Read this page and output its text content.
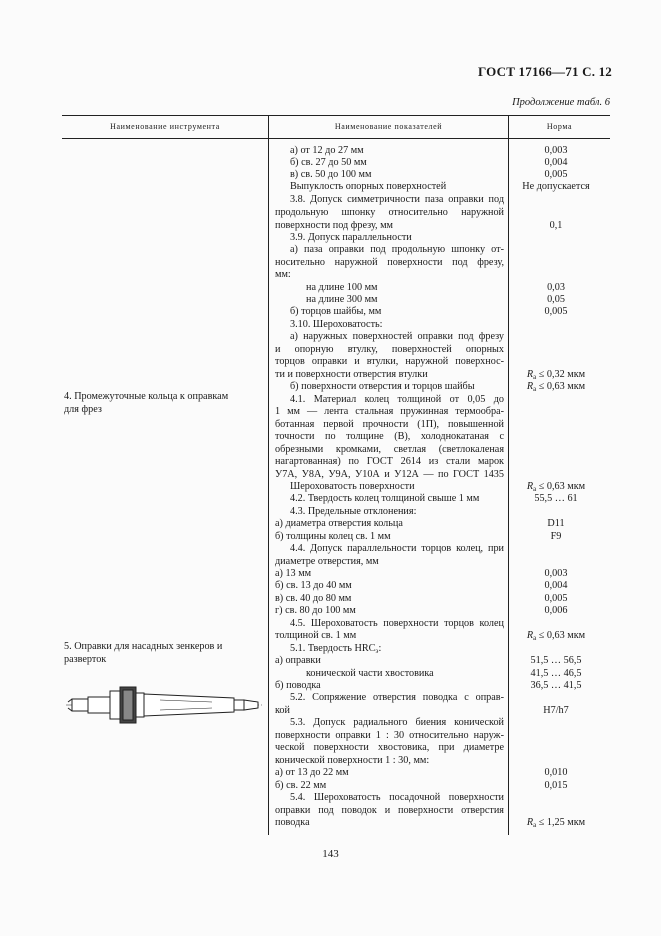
ГОСТ 17166—71 С. 12
Продолжение табл. 6
Наименование инструмента	Наименование показателей	Норма
4. Промежуточные кольца к оправкам
для фрез
5. Оправки для насадных зенкеров и
разверток
а) от 12 до 27 мм
б) св. 27 до 50 мм
в) св. 50 до 100 мм
Выпуклость опорных поверхностей
3.8. Допуск симметричности паза оправки под
продольную шпонку относительно наружной
поверхности под фрезу, мм
3.9. Допуск параллельности
а) паза оправки под продольную шпонку от-
носительно наружной поверхности под фрезу,
мм:
на длине 100 мм
на длине 300 мм
б) торцов шайбы, мм
3.10. Шероховатость:
а) наружных поверхностей оправки под фрезу
и опорную втулку, поверхностей опорных
торцов оправки и втулки, наружной поверхнос-
ти и поверхности отверстия втулки
б) поверхности отверстия и торцов шайбы
4.1. Материал колец толщиной от 0,05 до
1 мм — лента стальная пружинная термообра-
ботанная первой прочности (1П), повышенной
точности по толщине (В), холоднокатаная с
обрезными кромками, светлая (светлокаленая
нагартованная) по ГОСТ 2614 из стали марок
У7А, У8А, У9А, У10А и У12А — по ГОСТ 1435
Шероховатость поверхности
4.2. Твердость колец толщиной свыше 1 мм
4.3. Предельные отклонения:
а) диаметра отверстия кольца
б) толщины колец св. 1 мм
4.4. Допуск параллельности торцов колец, при
диаметре отверстия, мм
а) 13 мм
б) св. 13 до 40 мм
в) св. 40 до 80 мм
г) св. 80 до 100 мм
4.5. Шероховатость поверхности торцов колец
толщиной св. 1 мм
5.1. Твердость $HRC_э$:
а) оправки
конической части хвостовика
б) поводка
5.2. Сопряжение отверстия поводка с оправ-
кой
5.3. Допуск радиального биения конической
поверхности оправки 1 : 30 относительно наруж-
ческой поверхности хвостовика, при диаметре
конической поверхности 1 : 30, мм:
а) от 13 до 22 мм
б) св. 22 мм
5.4. Шероховатость посадочной поверхности
оправки под поводок и поверхности отверстия
поводка
0,003
0,004
0,005
Не допускается
0,1
0,03
0,05
0,005
$R_a \le 0,32$ мкм
$R_a \le 0,63$ мкм
$R_a \le 0,63$ мкм
55,5 … 61
D11
F9
0,003
0,004
0,005
0,006
$R_a \le 0,63$ мкм
51,5 … 56,5
41,5 … 46,5
36,5 … 41,5
H7/h7
0,010
0,015
$R_a \le 1,25$ мкм
143
